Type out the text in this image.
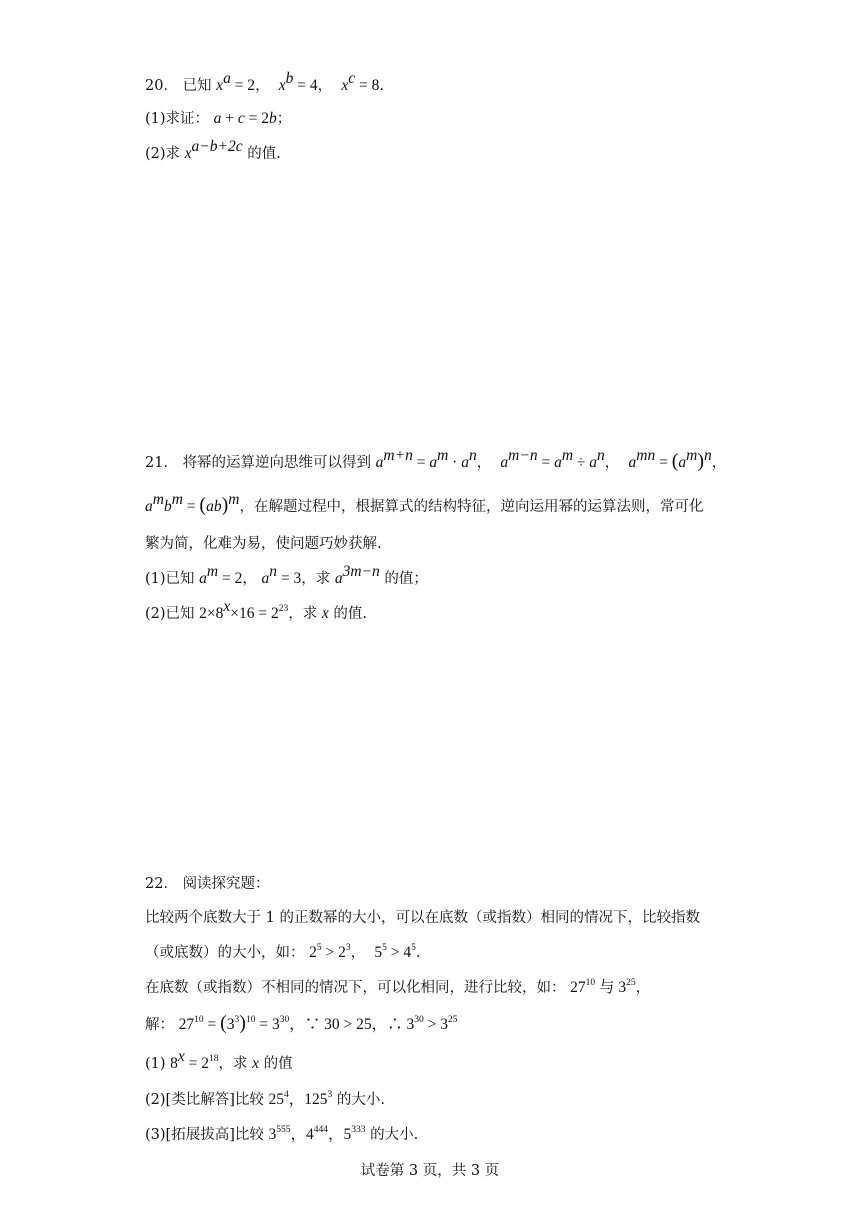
20． 已知 $x^a = 2$，  $x^b = 4$，  $x^c = 8$.
(1)求证： a + c = 2b；
(2)求 $x^{a-b+2c}$ 的值.
21． 将幂的运算逆向思维可以得到 $a^{m+n} = a^m \cdot a^n$，  $a^{m-n} = a^m \div a^n$，  $a^{mn} = (a^m)^n$，
$a^mb^m = (ab)^m$，在解题过程中，根据算式的结构特征，逆向运用幂的运算法则，常可化
繁为简，化难为易，使问题巧妙获解.
(1)已知 $a^m = 2$， $a^n = 3$，求 $a^{3m-n}$ 的值；
(2)已知 $2\times 8^x\times 16 = 2^{23}$，求 x 的值.
22． 阅读探究题：
比较两个底数大于 1 的正数幂的大小，可以在底数（或指数）相同的情况下，比较指数
（或底数）的大小，如： $2^5 > 2^3$，  $5^5 > 4^5$.
在底数（或指数）不相同的情况下，可以化相同，进行比较，如： $27^{10}$ 与 $3^{25}$，
解： $27^{10} = (3^3)^{10} = 3^{30}$，∵ 30 > 25，∴ $3^{30} > 3^{25}$
(1) $8^x = 2^{18}$，求 x 的值
(2)[类比解答]比较 $25^4$，$125^3$ 的大小.
(3)[拓展拔高]比较 $3^{555}$，$4^{444}$，$5^{333}$ 的大小.
试卷第 3 页，共 3 页
